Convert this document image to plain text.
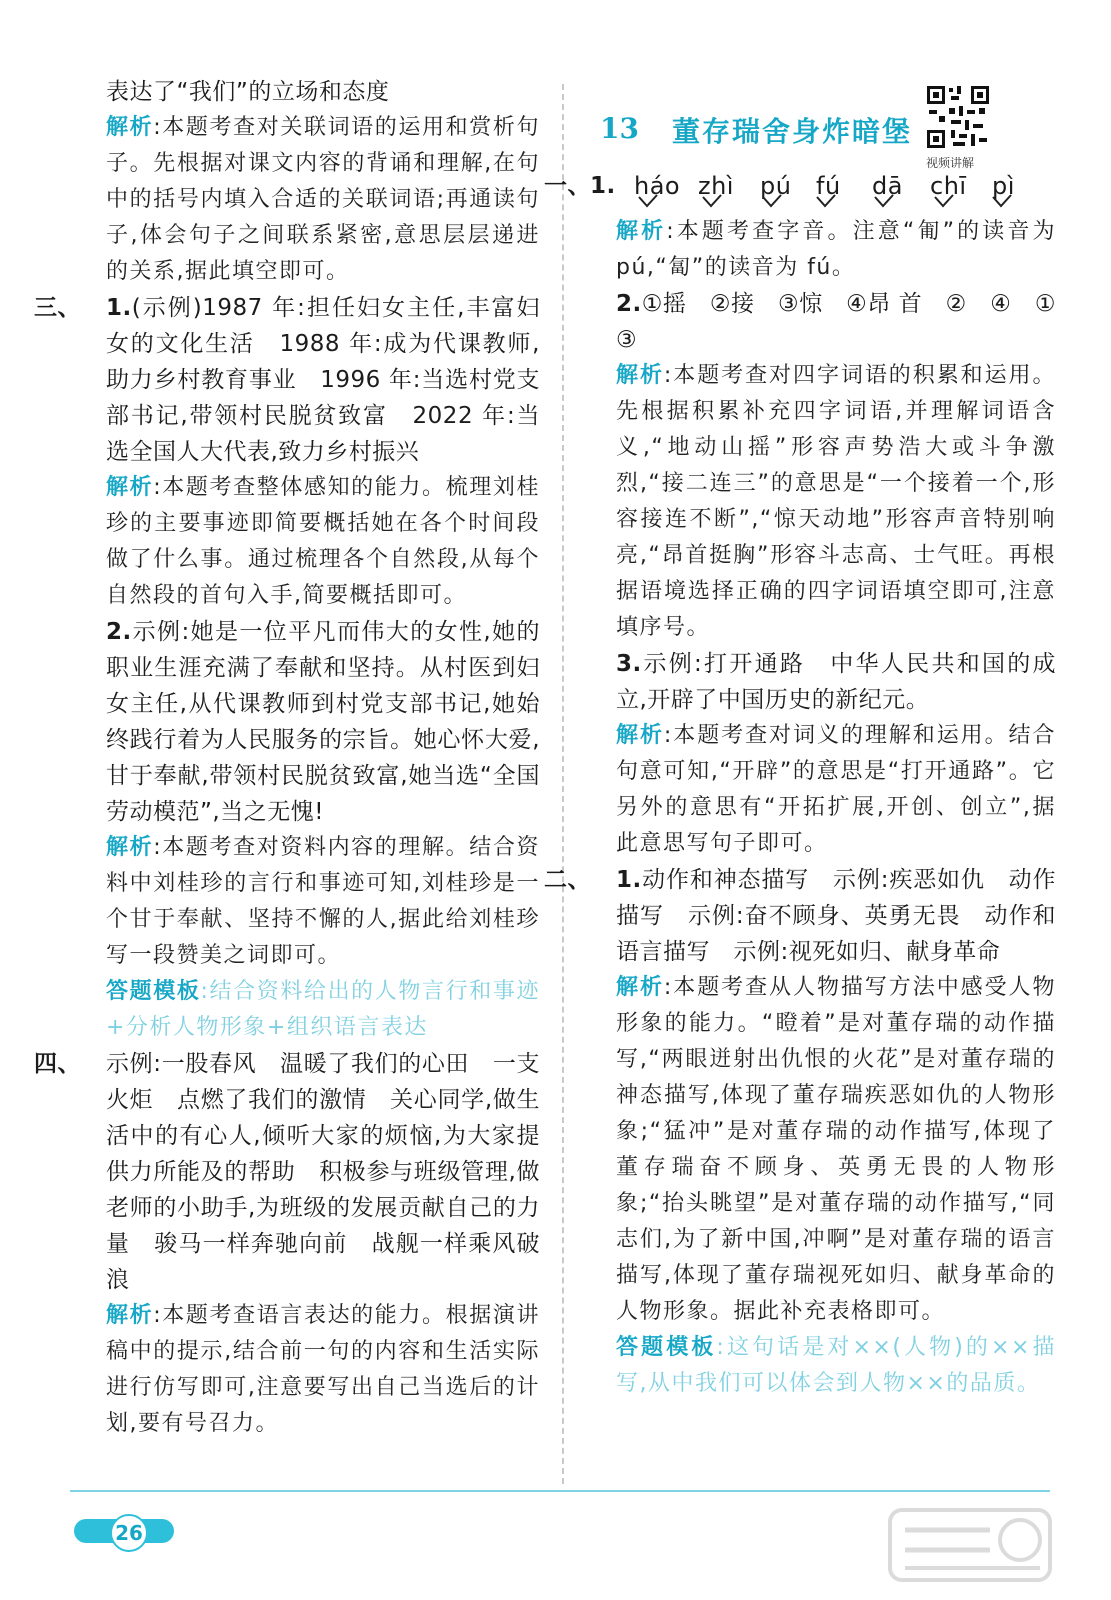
表达了“我们”的立场和态度

解析:本题考查对关联词语的运用和赏析句子。先根据对课文内容的背诵和理解,在句中的括号内填入合适的关联词语;再通读句子,体会句子之间联系紧密,意思层层递进的关系,据此填空即可。

三、 1.(示例)1987 年:担任妇女主任,丰富妇女的文化生活　1988 年:成为代课教师,助力乡村教育事业　1996 年:当选村党支部书记,带领村民脱贫致富　2022 年:当选全国人大代表,致力乡村振兴

解析:本题考查整体感知的能力。梳理刘桂珍的主要事迹即简要概括她在各个时间段做了什么事。通过梳理各个自然段,从每个自然段的首句入手,简要概括即可。

2.示例:她是一位平凡而伟大的女性,她的职业生涯充满了奉献和坚持。从村医到妇女主任,从代课教师到村党支部书记,她始终践行着为人民服务的宗旨。她心怀大爱,甘于奉献,带领村民脱贫致富,她当选“全国劳动模范”,当之无愧!

解析:本题考查对资料内容的理解。结合资料中刘桂珍的言行和事迹可知,刘桂珍是一个甘于奉献、坚持不懈的人,据此给刘桂珍写一段赞美之词即可。

答题模板:结合资料给出的人物言行和事迹+分析人物形象+组织语言表达

四、 示例:一股春风　温暖了我们的心田　一支火炬　点燃了我们的激情　关心同学,做生活中的有心人,倾听大家的烦恼,为大家提供力所能及的帮助　积极参与班级管理,做老师的小助手,为班级的发展贡献自己的力量　骏马一样奔驰向前　战舰一样乘风破浪

解析:本题考查语言表达的能力。根据演讲稿中的提示,结合前一句的内容和生活实际进行仿写即可,注意要写出自己当选后的计划,要有号召力。

13 董存瑞舍身炸暗堡
视频讲解
一、 1. háo zhì pú fú dā chī pì

解析:本题考查字音。注意“匍”的读音为pú,“匐”的读音为 fú。

2.①摇　②接　③惊　④昂 首　②　④　①　③

解析:本题考查对四字词语的积累和运用。先根据积累补充四字词语,并理解词语含义,“地动山摇”形容声势浩大或斗争激烈,“接二连三”的意思是“一个接着一个,形容接连不断”,“惊天动地”形容声音特别响亮,“昂首挺胸”形容斗志高、士气旺。再根据语境选择正确的四字词语填空即可,注意填序号。

3.示例:打开通路　中华人民共和国的成立,开辟了中国历史的新纪元。

解析:本题考查对词义的理解和运用。结合句意可知,“开辟”的意思是“打开通路”。它另外的意思有“开拓扩展,开创、创立”,据此意思写句子即可。

二、 1.动作和神态描写　示例:疾恶如仇　动作描写　示例:奋不顾身、英勇无畏　动作和语言描写　示例:视死如归、献身革命

解析:本题考查从人物描写方法中感受人物形象的能力。“瞪着”是对董存瑞的动作描写,“两眼迸射出仇恨的火花”是对董存瑞的神态描写,体现了董存瑞疾恶如仇的人物形象;“猛冲”是对董存瑞的动作描写,体现了董存瑞奋不顾身、英勇无畏的人物形象;“抬头眺望”是对董存瑞的动作描写,“同志们,为了新中国,冲啊”是对董存瑞的语言描写,体现了董存瑞视死如归、献身革命的人物形象。据此补充表格即可。

答题模板:这句话是对××(人物)的××描写,从中我们可以体会到人物××的品质。

26
